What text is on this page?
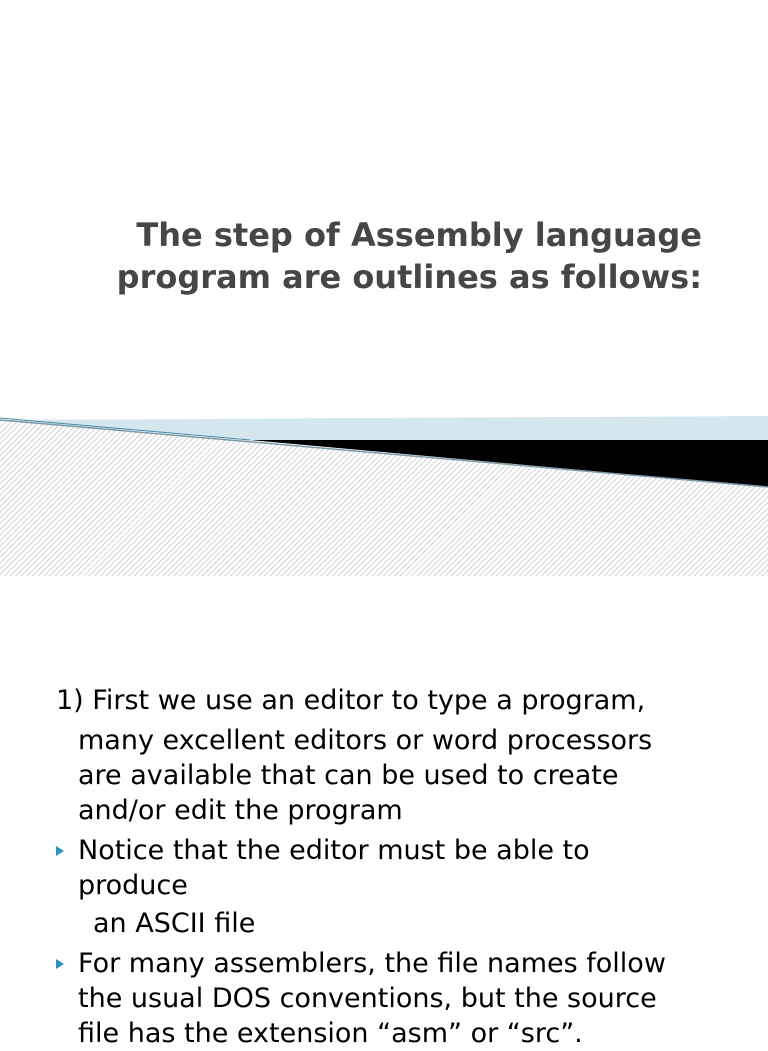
The step of Assembly language
program are outlines as follows:
1) First we use an editor to type a program,
many excellent editors or word processors
are available that can be used to create
and/or edit the program
Notice that the editor must be able to
produce
an ASCII file
For many assemblers, the file names follow
the usual DOS conventions, but the source
file has the extension “asm” or “src”.
